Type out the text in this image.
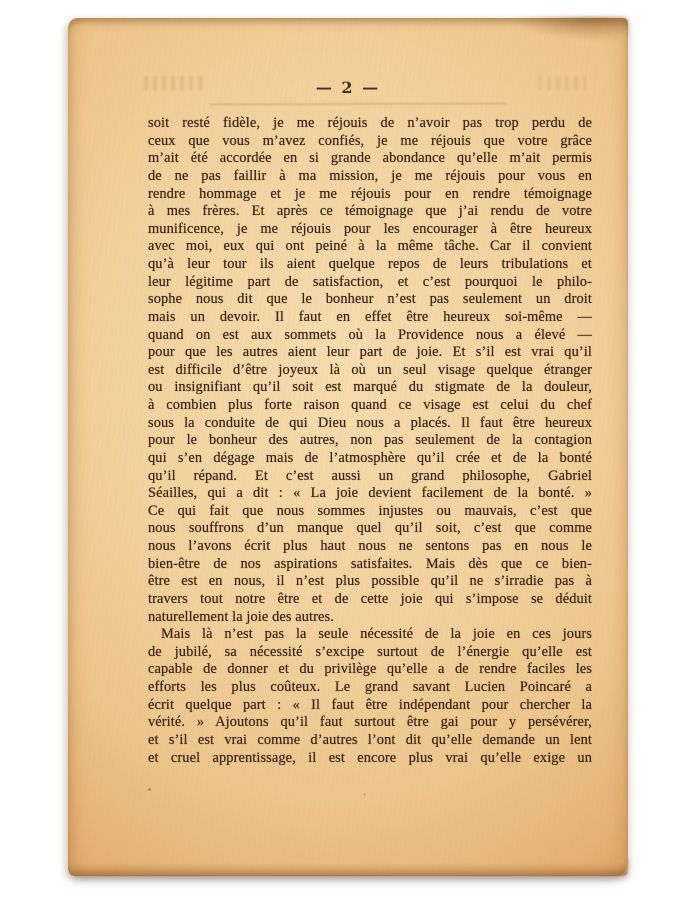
— 2 —
soit resté fidèle, je me réjouis de n’avoir pas trop perdu de
ceux que vous m’avez confiés, je me réjouis que votre grâce
m’ait été accordée en si grande abondance qu’elle m’ait permis
de ne pas faillir à ma mission, je me réjouis pour vous en
rendre hommage et je me réjouis pour en rendre témoignage
à mes frères. Et après ce témoignage que j’ai rendu de votre
munificence, je me réjouis pour les encourager à être heureux
avec moi, eux qui ont peiné à la même tâche. Car il convient
qu’à leur tour ils aient quelque repos de leurs tribulations et
leur légitime part de satisfaction, et c’est pourquoi le philo-
sophe nous dit que le bonheur n’est pas seulement un droit
mais un devoir. Il faut en effet être heureux soi-même —
quand on est aux sommets où la Providence nous a élevé —
pour que les autres aient leur part de joie. Et s’il est vrai qu’il
est difficile d’être joyeux là où un seul visage quelque étranger
ou insignifiant qu’il soit est marqué du stigmate de la douleur,
à combien plus forte raison quand ce visage est celui du chef
sous la conduite de qui Dieu nous a placés. Il faut être heureux
pour le bonheur des autres, non pas seulement de la contagion
qui s’en dégage mais de l’atmosphère qu’il crée et de la bonté
qu’il répand. Et c’est aussi un grand philosophe, Gabriel
Séailles, qui a dit : « La joie devient facilement de la bonté. »
Ce qui fait que nous sommes injustes ou mauvais, c’est que
nous souffrons d’un manque quel qu’il soit, c’est que comme
nous l’avons écrit plus haut nous ne sentons pas en nous le
bien-être de nos aspirations satisfaites. Mais dès que ce bien-
être est en nous, il n’est plus possible qu’il ne s’irradie pas à
travers tout notre être et de cette joie qui s’impose se déduit
naturellement la joie des autres.
Mais là n’est pas la seule nécessité de la joie en ces jours
de jubilé, sa nécessité s’excipe surtout de l’énergie qu’elle est
capable de donner et du privilège qu’elle a de rendre faciles les
efforts les plus coûteux. Le grand savant Lucien Poincaré a
écrit quelque part : « Il faut être indépendant pour chercher la
vérité. » Ajoutons qu’il faut surtout être gai pour y persévérer,
et s’il est vrai comme d’autres l’ont dit qu’elle demande un lent
et cruel apprentissage, il est encore plus vrai qu’elle exige un
